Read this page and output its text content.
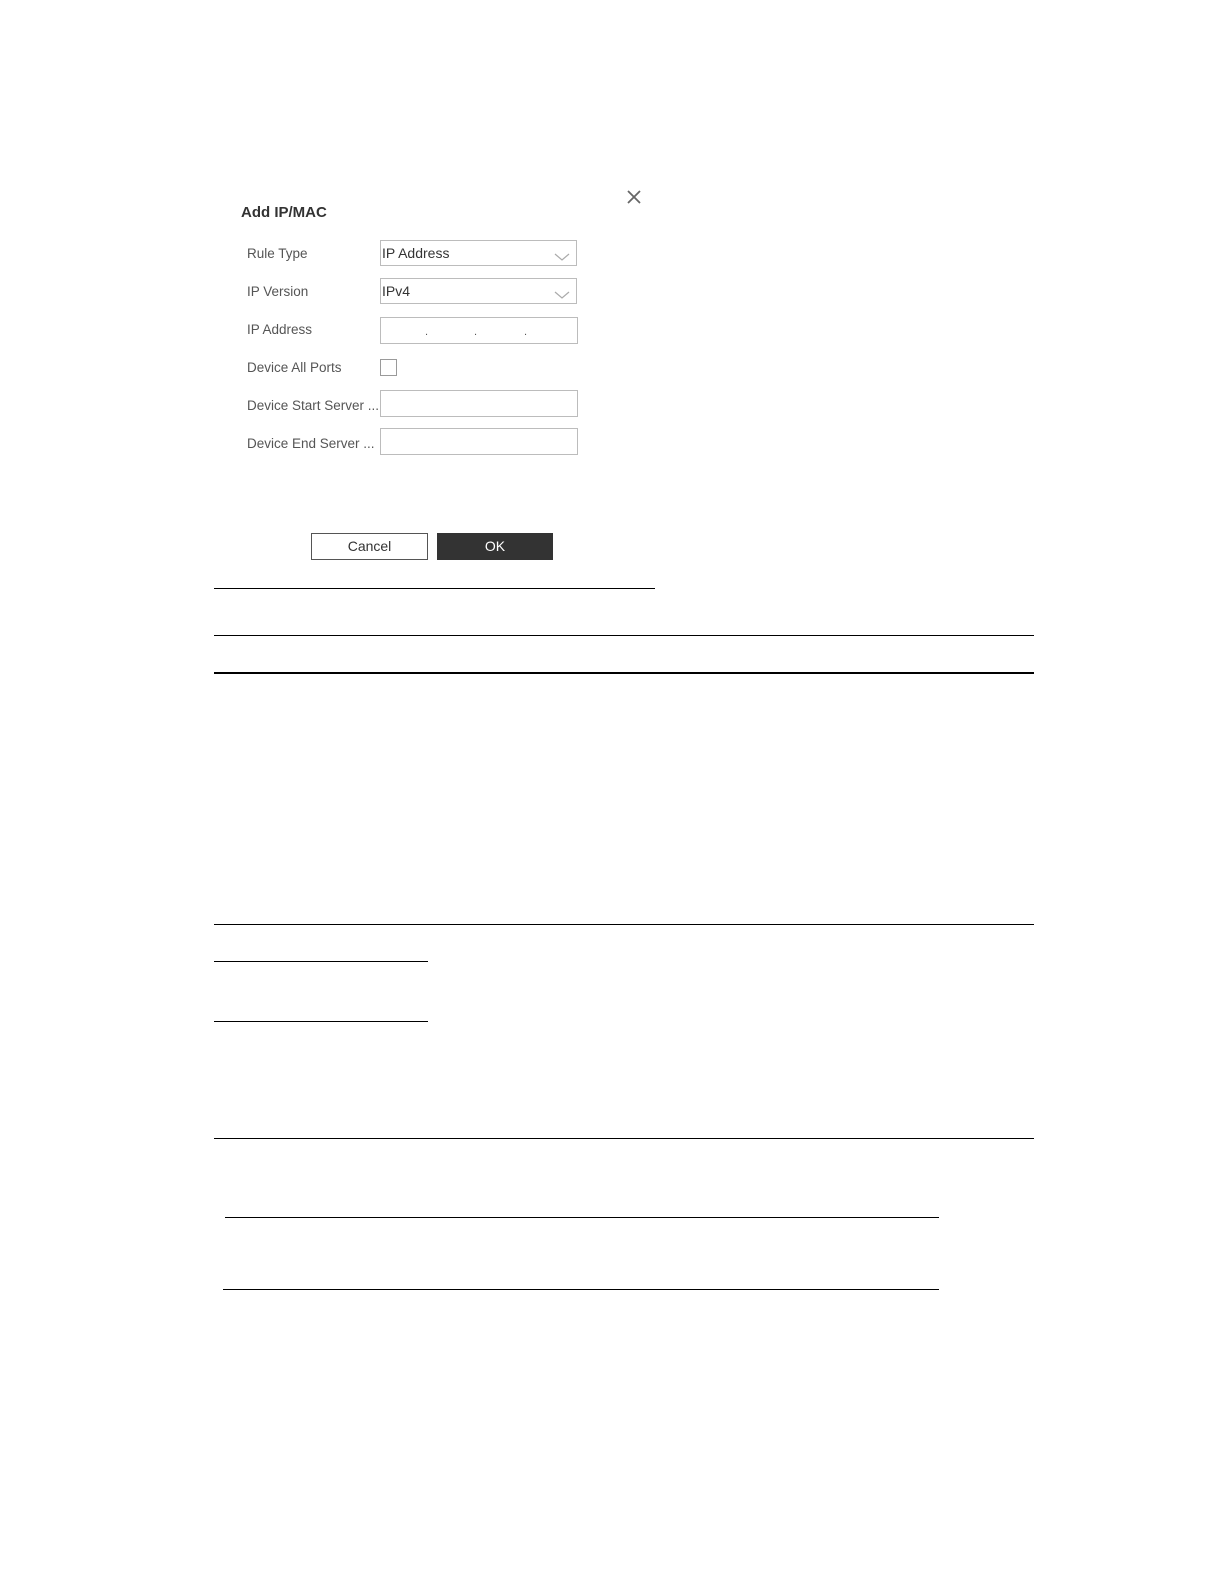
Add IP/MAC
Rule Type	IP Address
IP Version	IPv4
IP Address	.	.	.
Device All Ports
Device Start Server ...
Device End Server ...
Cancel	OK
